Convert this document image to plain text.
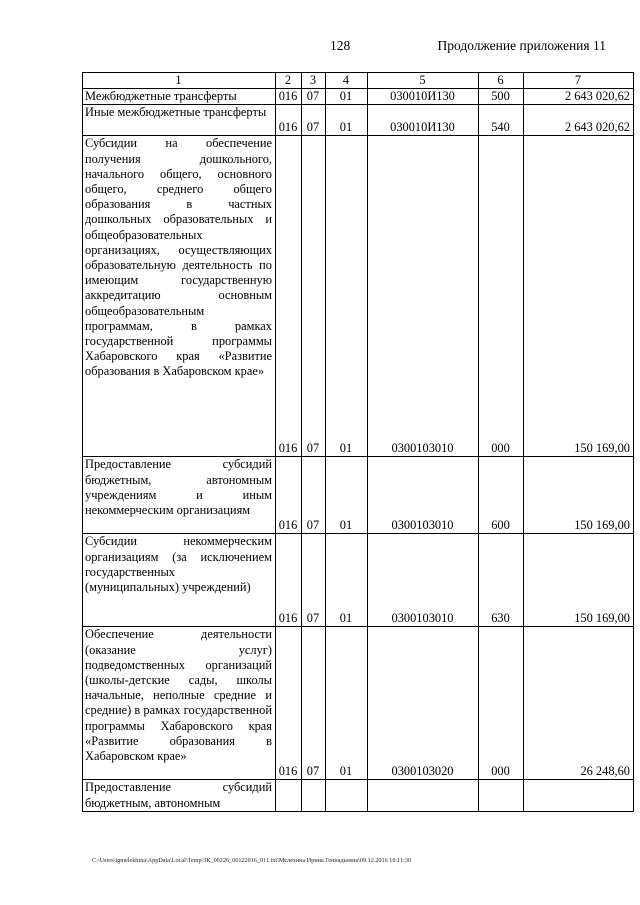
128	Продолжение приложения 11
1	2	3	4	5	6	7

Межбюджетные трансферты	016	07	01	030010И130	500	2 643 020,62

Иные межбюджетные трансферты	016	07	01	030010И130	540	2 643 020,62

Субсидии на обеспечение получения дошкольного, начального общего, основного общего, среднего общего образования в частных дошкольных образовательных и общеобразовательных организациях, осуществляющих образовательную деятельность по имеющим государственную аккредитацию основным общеобразовательным программам, в рамках государственной программы Хабаровского края «Развитие образования в Хабаровском крае»	016	07	01	0300103010	000	150 169,00

Предоставление субсидий бюджетным, автономным учреждениям и иным некоммерческим организациям	016	07	01	0300103010	600	150 169,00

Субсидии некоммерческим организациям (за исключением государственных (муниципальных) учреждений)	016	07	01	0300103010	630	150 169,00

Обеспечение деятельности (оказание услуг) подведомственных организаций (школы-детские сады, школы начальные, неполные средние и средние) в рамках государственной программы Хабаровского края «Развитие образования в Хабаровском крае»	016	07	01	0300103020	000	26 248,60

Предоставление субсидий бюджетным, автономным						

C:\Users\igmelekhina\AppData\Local\Temp\ЗК_00226_06122016_011.txt\Мелехина Ирина Геннадьевна\09.12.2016 10:11:30
